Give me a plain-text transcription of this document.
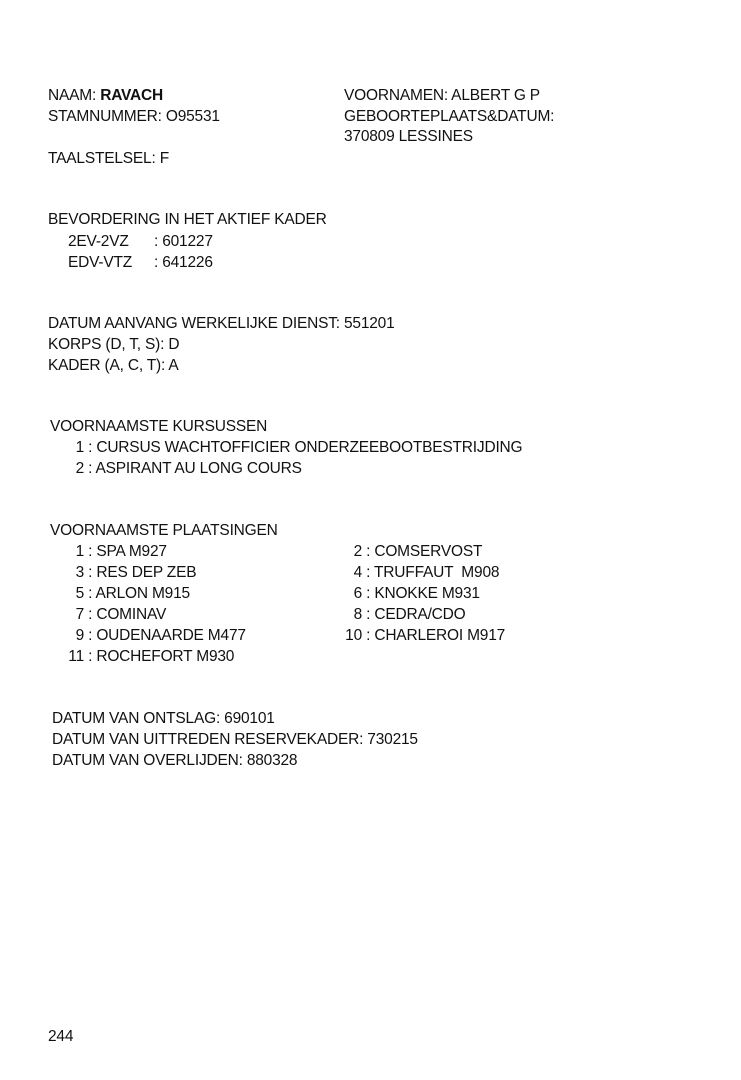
NAAM: RAVACH
STAMNUMMER: O95531
TAALSTELSEL: F
VOORNAMEN: ALBERT G P
GEBOORTEPLAATS&DATUM:
370809 LESSINES
BEVORDERING IN HET AKTIEF KADER
2EV-2VZ : 601227
EDV-VTZ : 641226
DATUM AANVANG WERKELIJKE DIENST: 551201
KORPS (D, T, S): D
KADER (A, C, T): A
VOORNAAMSTE KURSUSSEN
1 : CURSUS WACHTOFFICIER ONDERZEEBOOTBESTRIJDING
2 : ASPIRANT AU LONG COURS
VOORNAAMSTE PLAATSINGEN
1 : SPA M927
3 : RES DEP ZEB
5 : ARLON M915
7 : COMINAV
9 : OUDENAARDE M477
11 : ROCHEFORT M930
2 : COMSERVOST
4 : TRUFFAUT  M908
6 : KNOKKE M931
8 : CEDRA/CDO
10 : CHARLEROI M917
DATUM VAN ONTSLAG: 690101
DATUM VAN UITTREDEN RESERVEKADER: 730215
DATUM VAN OVERLIJDEN: 880328
244
